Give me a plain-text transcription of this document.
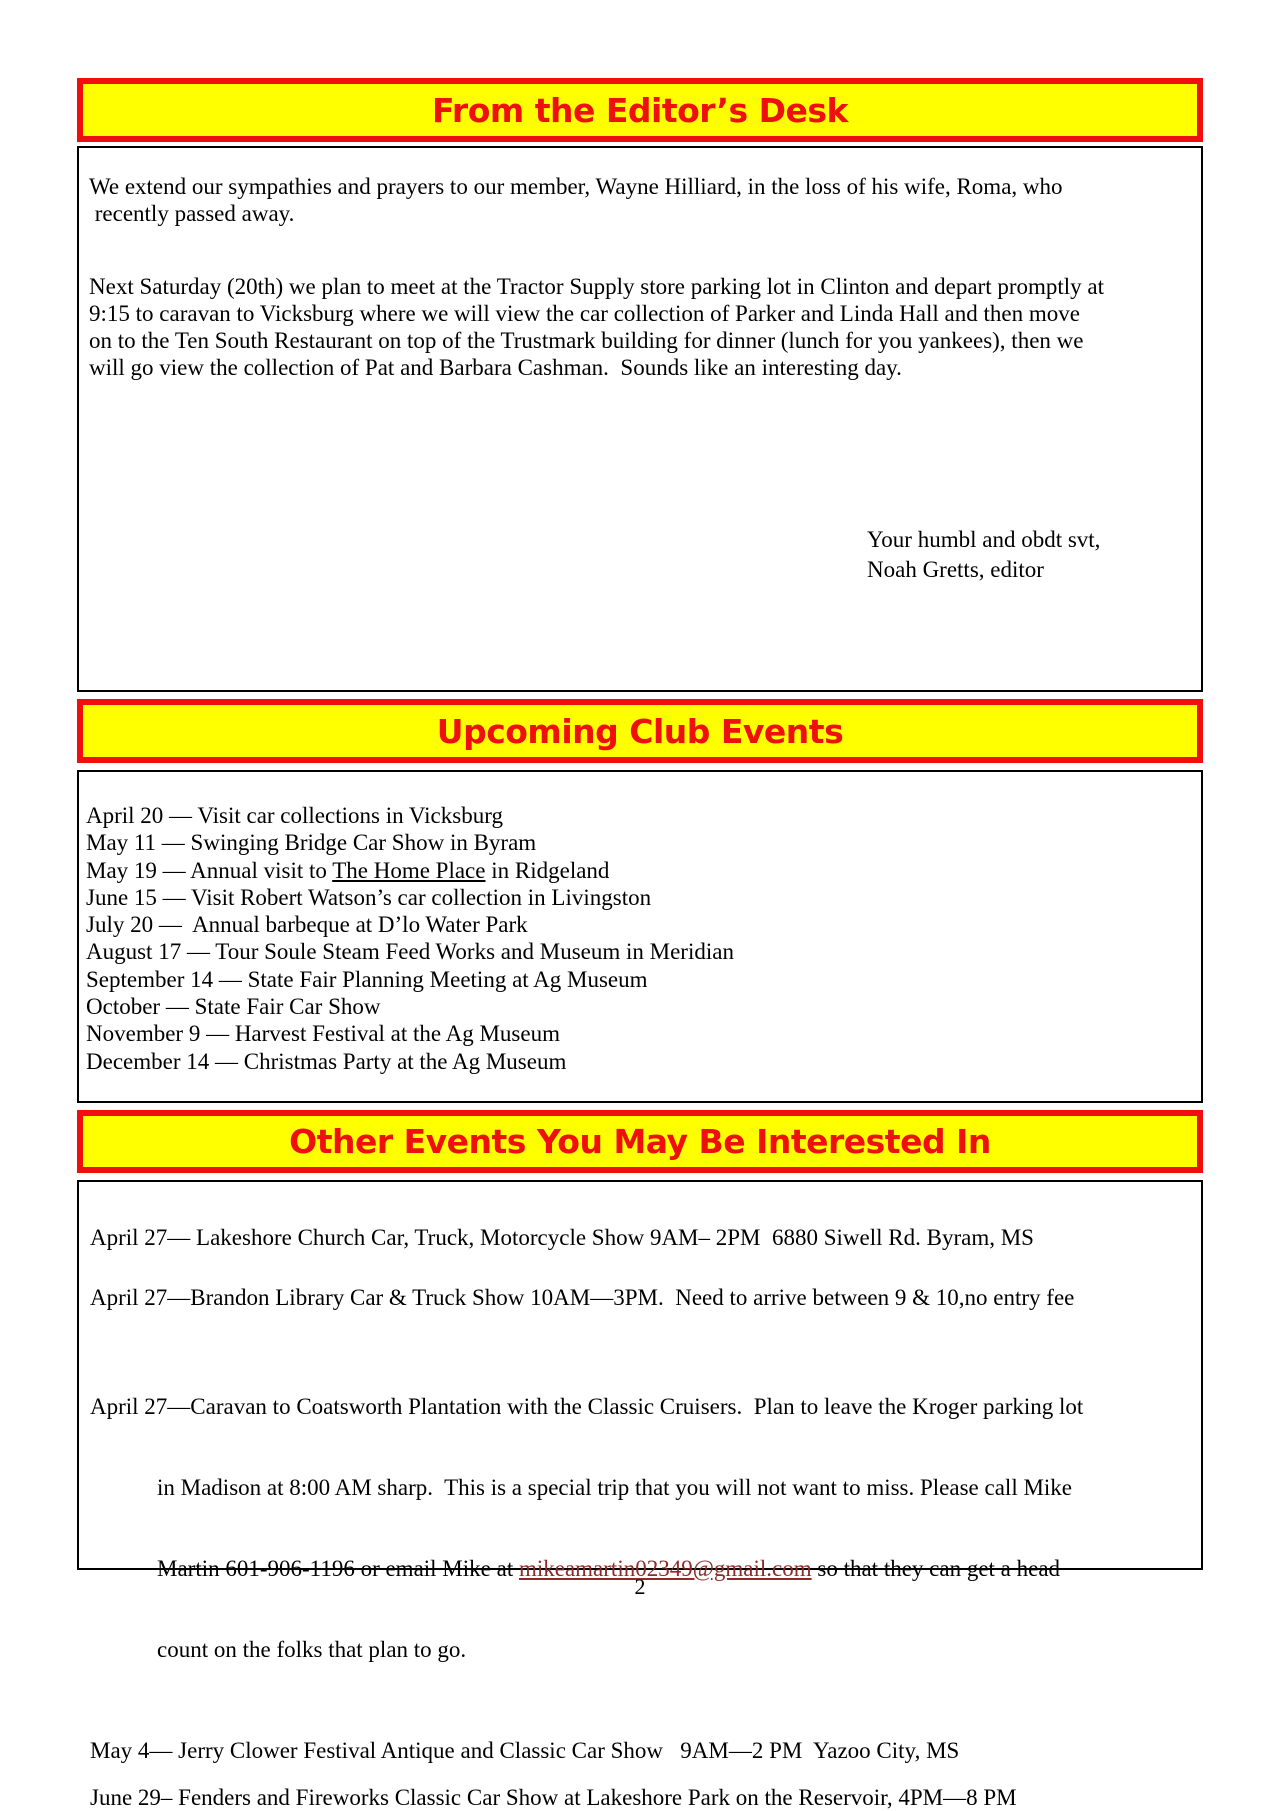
From the Editor’s Desk
We extend our sympathies and prayers to our member, Wayne Hilliard, in the loss of his wife, Roma, who
recently passed away.
Next Saturday (20th) we plan to meet at the Tractor Supply store parking lot in Clinton and depart promptly at
9:15 to caravan to Vicksburg where we will view the car collection of Parker and Linda Hall and then move
on to the Ten South Restaurant on top of the Trustmark building for dinner (lunch for you yankees), then we
will go view the collection of Pat and Barbara Cashman.  Sounds like an interesting day.
Your humbl and obdt svt,
Noah Gretts, editor
Upcoming Club Events
April 20 — Visit car collections in Vicksburg
May 11 — Swinging Bridge Car Show in Byram
May 19 — Annual visit to The Home Place in Ridgeland
June 15 — Visit Robert Watson’s car collection in Livingston
July 20 —  Annual barbeque at D’lo Water Park
August 17 — Tour Soule Steam Feed Works and Museum in Meridian
September 14 — State Fair Planning Meeting at Ag Museum
October — State Fair Car Show
November 9 — Harvest Festival at the Ag Museum
December 14 — Christmas Party at the Ag Museum
Other Events You May Be Interested In
April 27— Lakeshore Church Car, Truck, Motorcycle Show 9AM– 2PM  6880 Siwell Rd. Byram, MS
April 27—Brandon Library Car & Truck Show 10AM—3PM.  Need to arrive between 9 & 10,no entry fee

April 27—Caravan to Coatsworth Plantation with the Classic Cruisers.  Plan to leave the Kroger parking lot

in Madison at 8:00 AM sharp.  This is a special trip that you will not want to miss. Please call Mike

Martin 601-906-1196 or email Mike at mikeamartin02349@gmail.com so that they can get a head

count on the folks that plan to go.

May 4— Jerry Clower Festival Antique and Classic Car Show   9AM—2 PM  Yazoo City, MS
June 29– Fenders and Fireworks Classic Car Show at Lakeshore Park on the Reservoir, 4PM—8 PM
2
